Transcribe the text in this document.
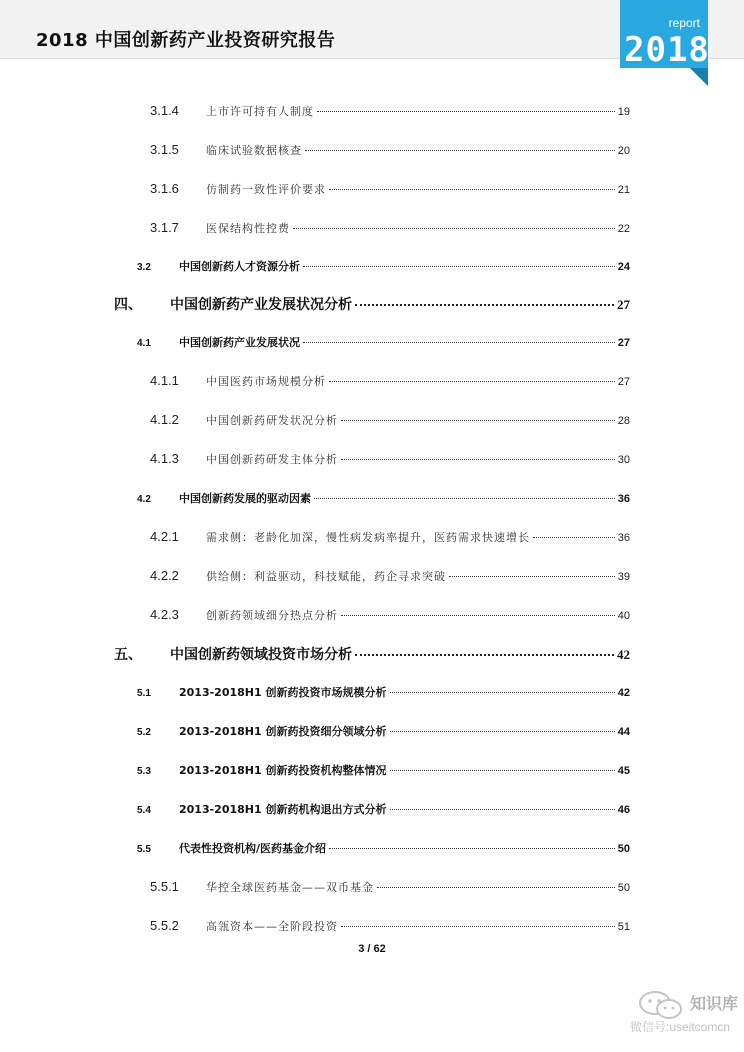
2018 中国创新药产业投资研究报告
report
2018
3.1.4	上市许可持有人制度	19
3.1.5	临床试验数据核查	20
3.1.6	仿制药一致性评价要求	21
3.1.7	医保结构性控费	22
3.2	中国创新药人才资源分析	24
四、	中国创新药产业发展状况分析	27
4.1	中国创新药产业发展状况	27
4.1.1	中国医药市场规模分析	27
4.1.2	中国创新药研发状况分析	28
4.1.3	中国创新药研发主体分析	30
4.2	中国创新药发展的驱动因素	36
4.2.1	需求侧：老龄化加深，慢性病发病率提升，医药需求快速增长	36
4.2.2	供给侧：利益驱动，科技赋能，药企寻求突破	39
4.2.3	创新药领域细分热点分析	40
五、	中国创新药领域投资市场分析	42
5.1	2013-2018H1 创新药投资市场规模分析	42
5.2	2013-2018H1 创新药投资细分领域分析	44
5.3	2013-2018H1 创新药投资机构整体情况	45
5.4	2013-2018H1 创新药机构退出方式分析	46
5.5	代表性投资机构/医药基金介绍	50
5.5.1	华控全球医药基金——双币基金	50
5.5.2	高瓴资本——全阶段投资	51
3 / 62
知识库
微信号:useitcomcn
